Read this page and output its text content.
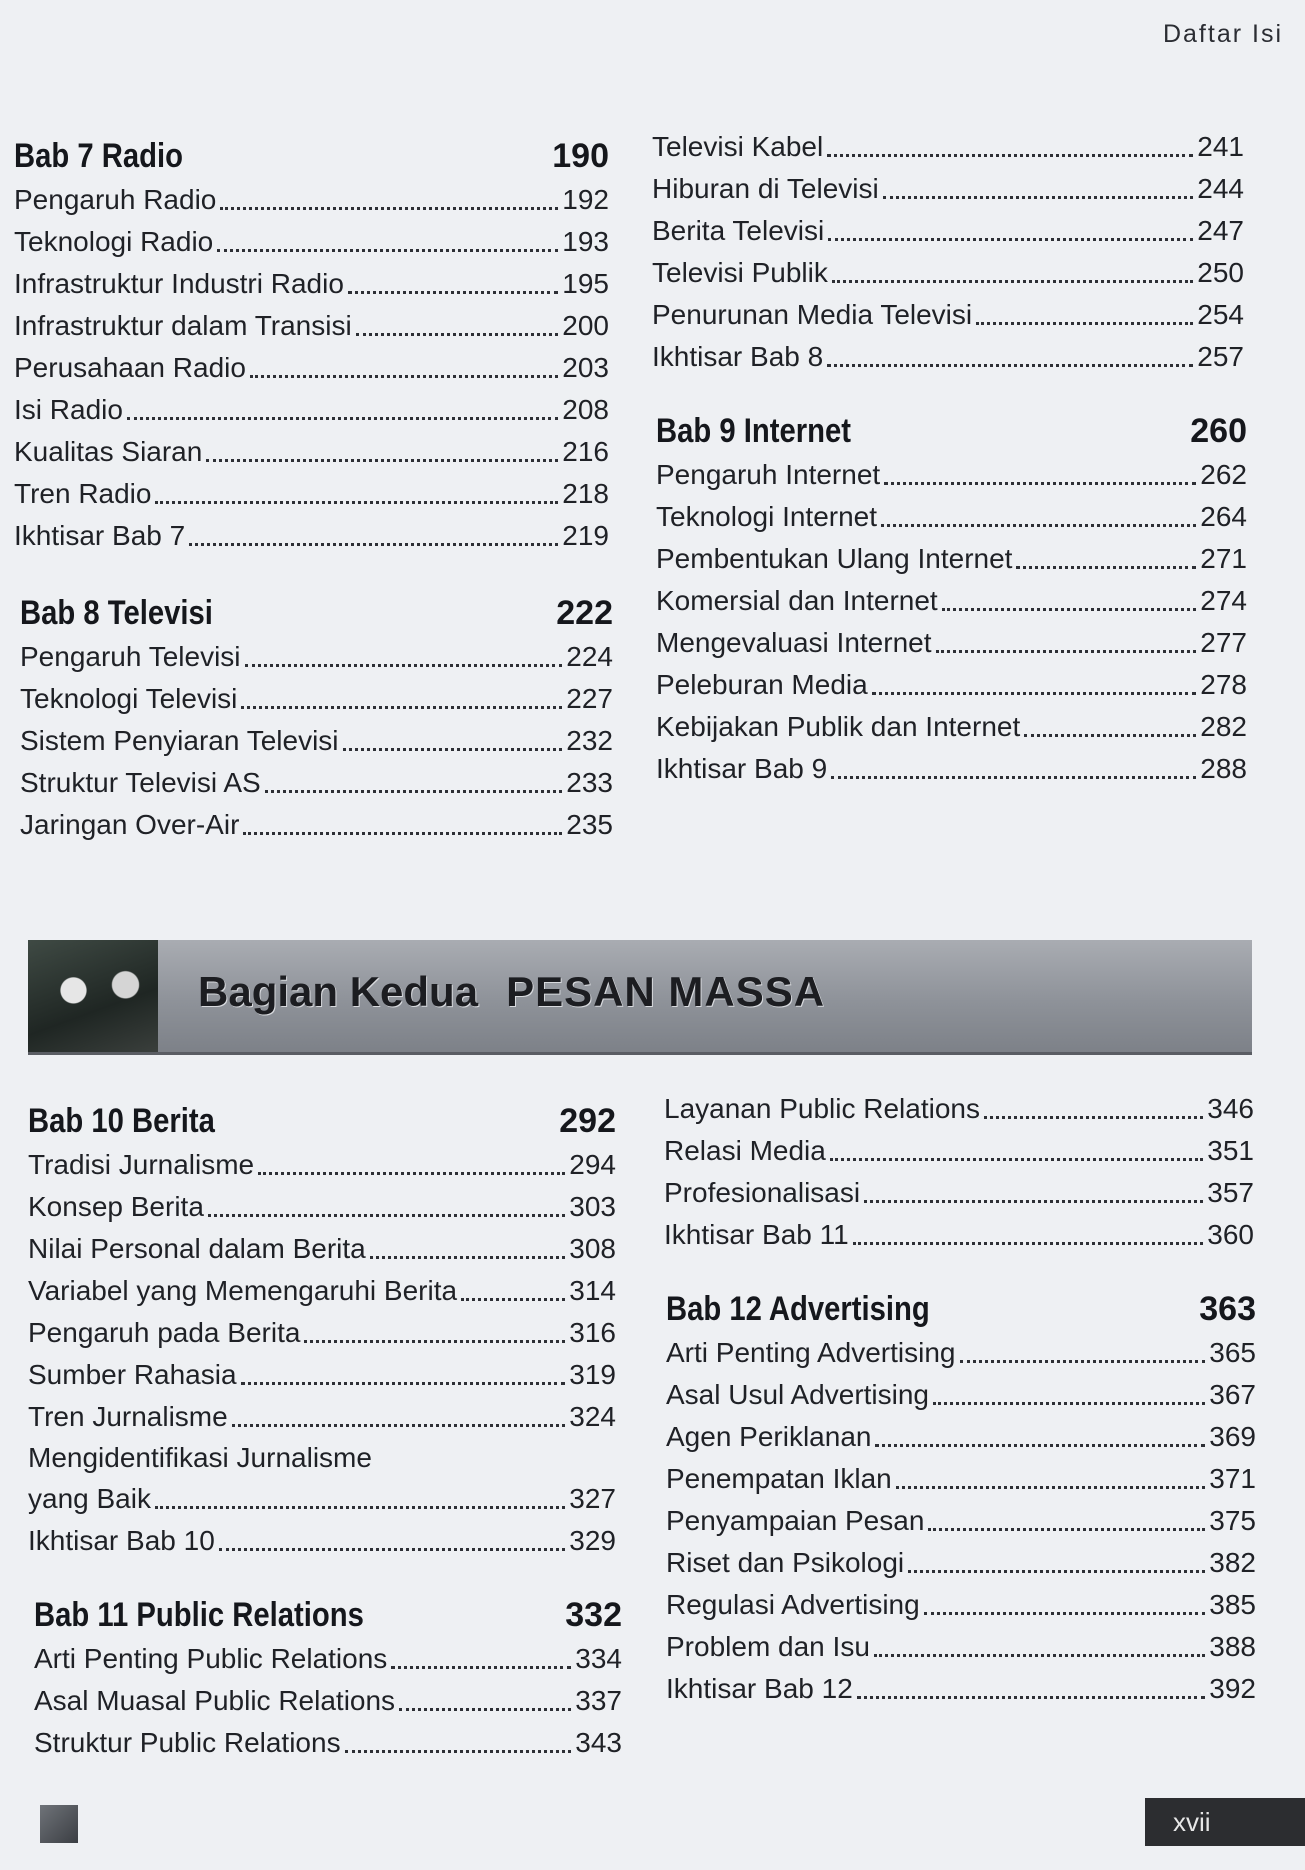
Daftar Isi
Bab 7 Radio	190
Pengaruh Radio	192
Teknologi Radio	193
Infrastruktur Industri Radio	195
Infrastruktur dalam Transisi	200
Perusahaan Radio	203
Isi Radio	208
Kualitas Siaran	216
Tren Radio	218
Ikhtisar Bab 7	219
Bab 8 Televisi	222
Pengaruh Televisi	224
Teknologi Televisi	227
Sistem Penyiaran Televisi	232
Struktur Televisi AS	233
Jaringan Over-Air	235
Televisi Kabel	241
Hiburan di Televisi	244
Berita Televisi	247
Televisi Publik	250
Penurunan Media Televisi	254
Ikhtisar Bab 8	257
Bab 9 Internet	260
Pengaruh Internet	262
Teknologi Internet	264
Pembentukan Ulang Internet	271
Komersial dan Internet	274
Mengevaluasi Internet	277
Peleburan Media	278
Kebijakan Publik dan Internet	282
Ikhtisar Bab 9	288
Bagian Kedua PESAN MASSA
Bab 10 Berita	292
Tradisi Jurnalisme	294
Konsep Berita	303
Nilai Personal dalam Berita	308
Variabel yang Memengaruhi Berita	314
Pengaruh pada Berita	316
Sumber Rahasia	319
Tren Jurnalisme	324
Mengidentifikasi Jurnalisme
yang Baik	327
Ikhtisar Bab 10	329
Bab 11 Public Relations	332
Arti Penting Public Relations	334
Asal Muasal Public Relations	337
Struktur Public Relations	343
Layanan Public Relations	346
Relasi Media	351
Profesionalisasi	357
Ikhtisar Bab 11	360
Bab 12 Advertising	363
Arti Penting Advertising	365
Asal Usul Advertising	367
Agen Periklanan	369
Penempatan Iklan	371
Penyampaian Pesan	375
Riset dan Psikologi	382
Regulasi Advertising	385
Problem dan Isu	388
Ikhtisar Bab 12	392
xvii
